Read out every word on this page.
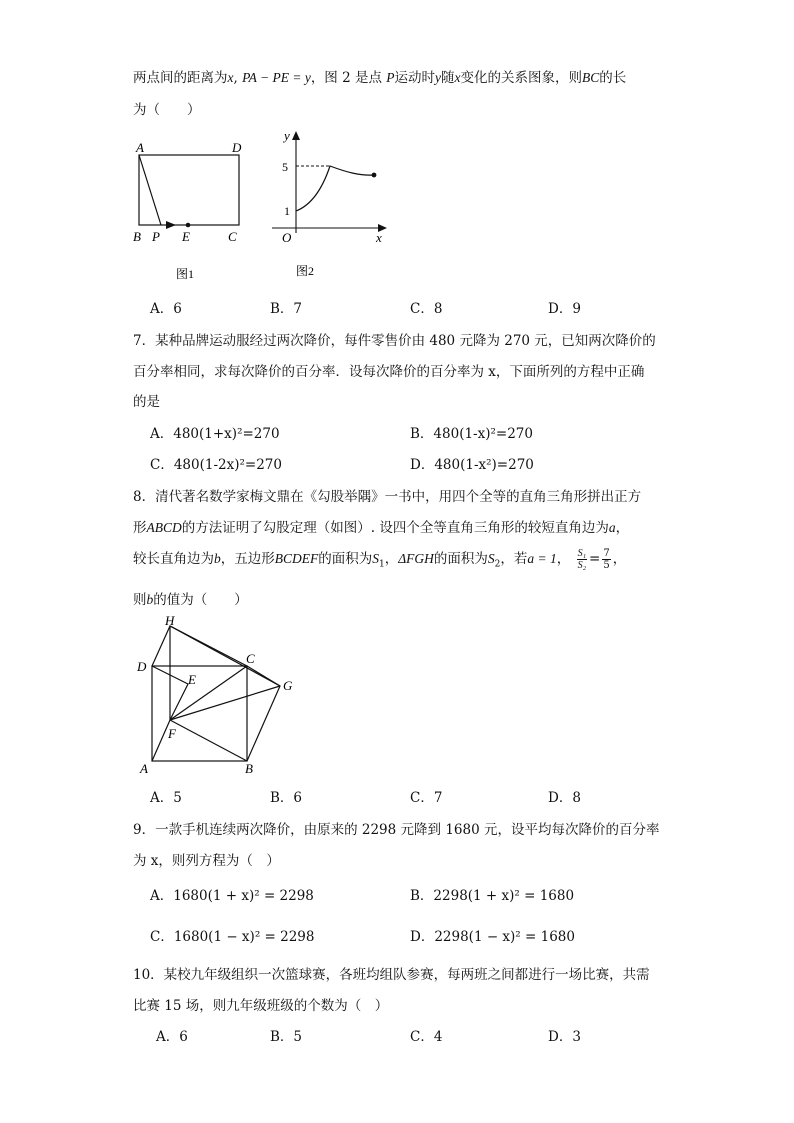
两点间的距离为x, PA − PE = y，图 2 是点 P运动时y随x变化的关系图象，则BC的长
为（　　）
A	D
B P E	C
图1
y
5
1
O	x
图2
A．6	B．7	C．8	D．9
7．某种品牌运动服经过两次降价，每件零售价由 480 元降为 270 元，已知两次降价的
百分率相同，求每次降价的百分率．设每次降价的百分率为 x，下面所列的方程中正确
的是
A．480(1+x)²=270	B．480(1-x)²=270
C．480(1-2x)²=270	D．480(1-x²)=270
8．清代著名数学家梅文鼎在《勾股举隅》一书中，用四个全等的直角三角形拼出正方
形ABCD的方法证明了勾股定理（如图）. 设四个全等直角三角形的较短直角边为a，
较长直角边为b，五边形BCDEF的面积为$S_1$，ΔFGH的面积为$S_2$，若a = 1， $\frac{\text{S₁}}{\text{S₂}} = \frac{7}{5}$ ，
则b的值为（　　）
H
D
C
E	G
F
A	B
A．5	B．6	C．7	D．8
9．一款手机连续两次降价，由原来的 2298 元降到 1680 元，设平均每次降价的百分率
为 x，则列方程为（　）
A．1680(1 + x)² = 2298	B．2298(1 + x)² = 1680
C．1680(1 − x)² = 2298	D．2298(1 − x)² = 1680
10．某校九年级组织一次篮球赛，各班均组队参赛，每两班之间都进行一场比赛，共需
比赛 15 场，则九年级班级的个数为（　）
A．6	B．5	C．4	D．3
